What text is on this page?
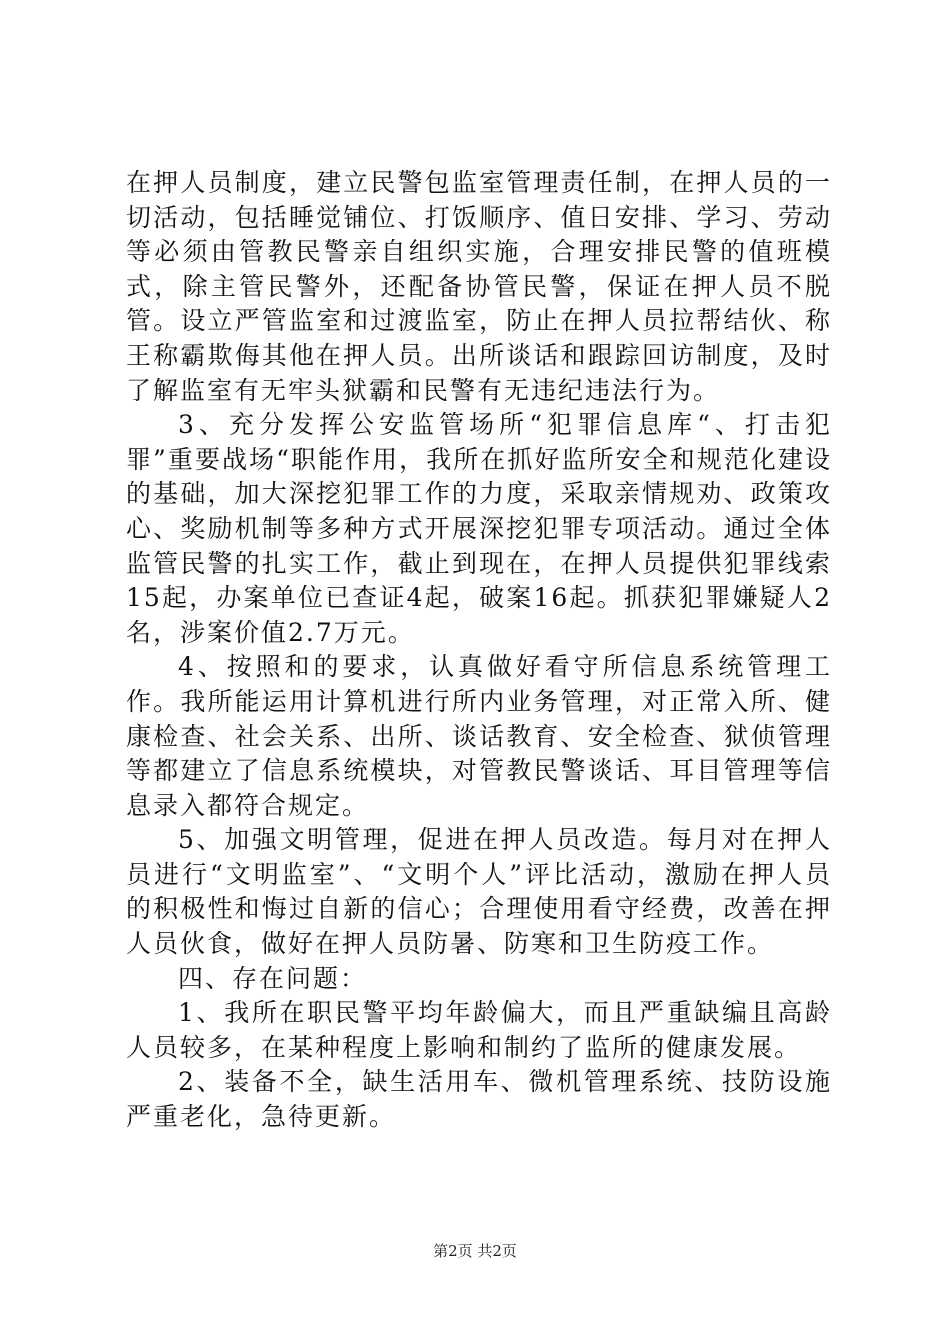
在押人员制度，建立民警包监室管理责任制，在押人员的一切活动，包括睡觉铺位、打饭顺序、值日安排、学习、劳动等必须由管教民警亲自组织实施，合理安排民警的值班模式，除主管民警外，还配备协管民警，保证在押人员不脱管。设立严管监室和过渡监室，防止在押人员拉帮结伙、称王称霸欺侮其他在押人员。出所谈话和跟踪回访制度，及时了解监室有无牢头狱霸和民警有无违纪违法行为。

3、充分发挥公安监管场所“犯罪信息库“、打击犯罪”重要战场“职能作用，我所在抓好监所安全和规范化建设的基础，加大深挖犯罪工作的力度，采取亲情规劝、政策攻心、奖励机制等多种方式开展深挖犯罪专项活动。通过全体监管民警的扎实工作，截止到现在，在押人员提供犯罪线索15起，办案单位已查证4起，破案16起。抓获犯罪嫌疑人2名，涉案价值2.7万元。

4、按照和的要求，认真做好看守所信息系统管理工作。我所能运用计算机进行所内业务管理，对正常入所、健康检查、社会关系、出所、谈话教育、安全检查、狱侦管理等都建立了信息系统模块，对管教民警谈话、耳目管理等信息录入都符合规定。

5、加强文明管理，促进在押人员改造。每月对在押人员进行“文明监室”、“文明个人”评比活动，激励在押人员的积极性和悔过自新的信心；合理使用看守经费，改善在押人员伙食，做好在押人员防暑、防寒和卫生防疫工作。

四、存在问题：

1、我所在职民警平均年龄偏大，而且严重缺编且高龄人员较多，在某种程度上影响和制约了监所的健康发展。

2、装备不全，缺生活用车、微机管理系统、技防设施严重老化，急待更新。

第2页 共2页
